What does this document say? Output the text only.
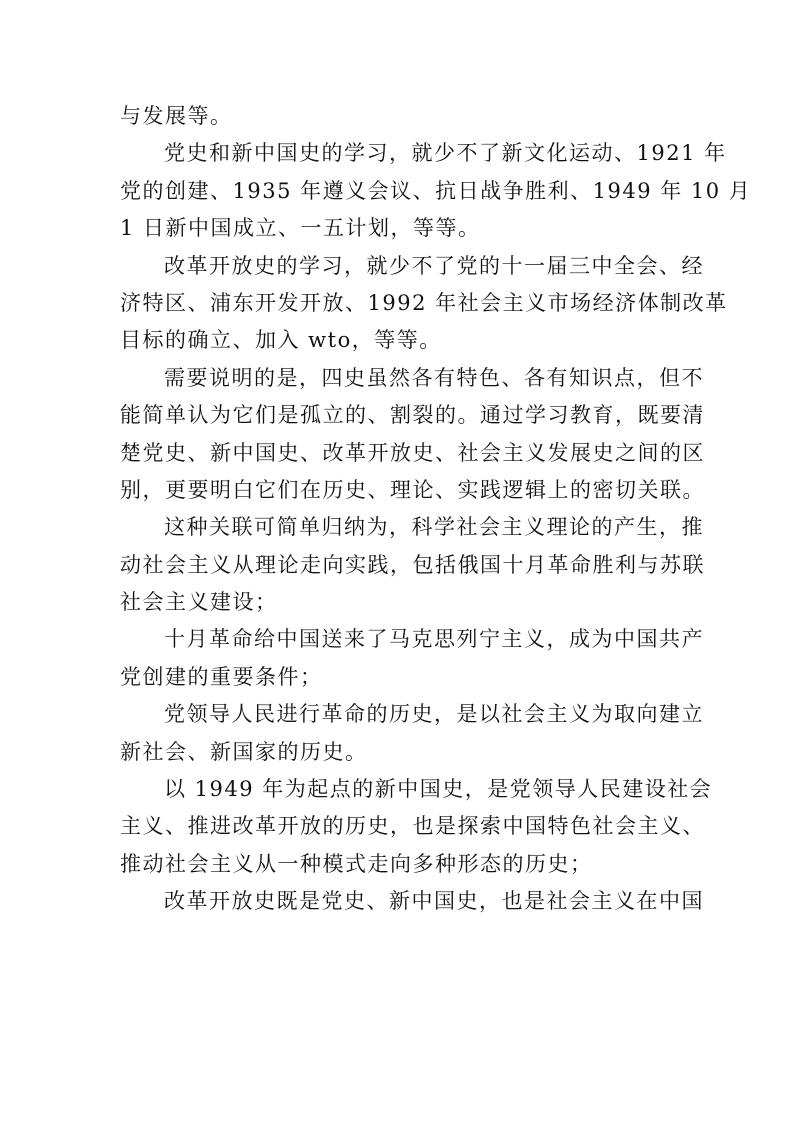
与发展等。
党史和新中国史的学习，就少不了新文化运动、1921 年
党的创建、1935 年遵义会议、抗日战争胜利、1949 年 10 月
1 日新中国成立、一五计划，等等。
改革开放史的学习，就少不了党的十一届三中全会、经
济特区、浦东开发开放、1992 年社会主义市场经济体制改革
目标的确立、加入 wto，等等。
需要说明的是，四史虽然各有特色、各有知识点，但不
能简单认为它们是孤立的、割裂的。通过学习教育，既要清
楚党史、新中国史、改革开放史、社会主义发展史之间的区
别，更要明白它们在历史、理论、实践逻辑上的密切关联。
这种关联可简单归纳为，科学社会主义理论的产生，推
动社会主义从理论走向实践，包括俄国十月革命胜利与苏联
社会主义建设；
十月革命给中国送来了马克思列宁主义，成为中国共产
党创建的重要条件；
党领导人民进行革命的历史，是以社会主义为取向建立
新社会、新国家的历史。
以 1949 年为起点的新中国史，是党领导人民建设社会
主义、推进改革开放的历史，也是探索中国特色社会主义、
推动社会主义从一种模式走向多种形态的历史；
改革开放史既是党史、新中国史，也是社会主义在中国
